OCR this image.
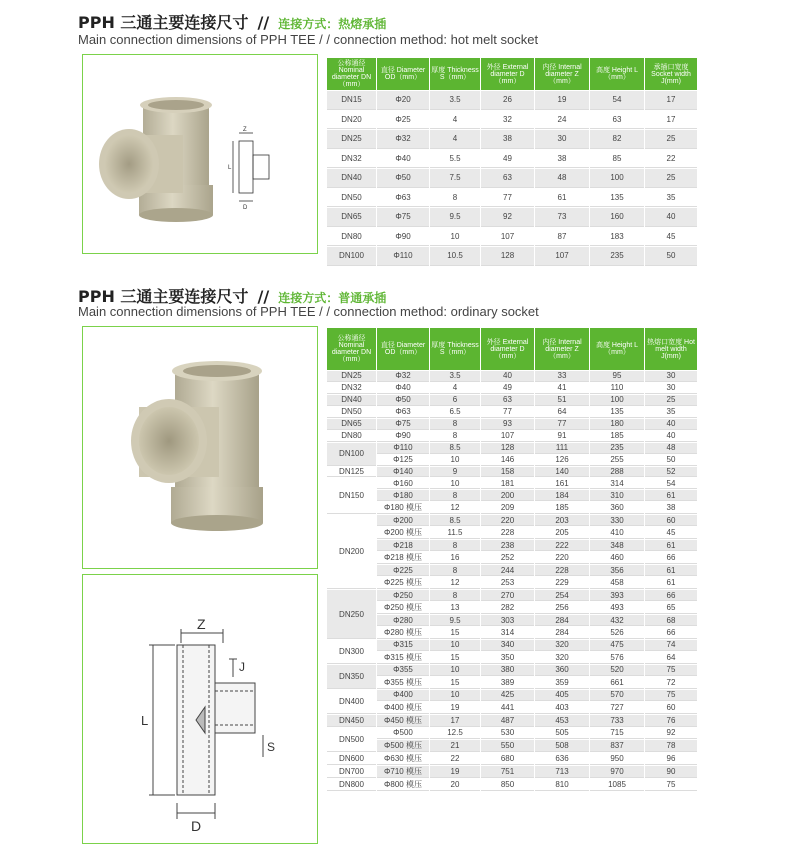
PPH 三通主要连接尺寸 // 连接方式：热熔承插
Main connection dimensions of PPH TEE / / connection method: hot melt socket
Z
L
D
公称通径 Nominal diameter DN（mm）	直径 Diameter OD（mm）	厚度 Thickness S（mm）	外径 External diameter D（mm）	内径 Internal diameter Z（mm）	高度 Height L（mm）	承插口宽度 Socket width J(mm)
DN15	Φ20	3.5	26	19	54	17
DN20	Φ25	4	32	24	63	17
DN25	Φ32	4	38	30	82	25
DN32	Φ40	5.5	49	38	85	22
DN40	Φ50	7.5	63	48	100	25
DN50	Φ63	8	77	61	135	35
DN65	Φ75	9.5	92	73	160	40
DN80	Φ90	10	107	87	183	45
DN100	Φ110	10.5	128	107	235	50
PPH 三通主要连接尺寸 // 连接方式：普通承插
Main connection dimensions of PPH TEE / / connection method: ordinary socket
Z
J
L
S
D
公称通径 Nominal diameter DN（mm）	直径 Diameter OD（mm）	厚度 Thickness S（mm）	外径 External diameter D（mm）	内径 Internal diameter Z（mm）	高度 Height L（mm）	热熔口宽度 Hot melt width J(mm)
DN25	Φ32	3.5	40	33	95	30
DN32	Φ40	4	49	41	110	30
DN40	Φ50	6	63	51	100	25
DN50	Φ63	6.5	77	64	135	35
DN65	Φ75	8	93	77	180	40
DN80	Φ90	8	107	91	185	40
DN100	Φ110	8.5	128	111	235	48
	Φ125	10	146	126	255	50
DN125	Φ140	9	158	140	288	52
DN150	Φ160	10	181	161	314	54
	Φ180	8	200	184	310	61
	Φ180 模压	12	209	185	360	38
DN200	Φ200	8.5	220	203	330	60
	Φ200 模压	11.5	228	205	410	45
	Φ218	8	238	222	348	61
	Φ218 模压	16	252	220	460	66
	Φ225	8	244	228	356	61
	Φ225 模压	12	253	229	458	61
DN250	Φ250	8	270	254	393	66
	Φ250 模压	13	282	256	493	65
	Φ280	9.5	303	284	432	68
	Φ280 模压	15	314	284	526	66
DN300	Φ315	10	340	320	475	74
	Φ315 模压	15	350	320	576	64
DN350	Φ355	10	380	360	520	75
	Φ355 模压	15	389	359	661	72
DN400	Φ400	10	425	405	570	75
	Φ400 模压	19	441	403	727	60
DN450	Φ450 模压	17	487	453	733	76
DN500	Φ500	12.5	530	505	715	92
	Φ500 模压	21	550	508	837	78
DN600	Φ630 模压	22	680	636	950	96
DN700	Φ710 模压	19	751	713	970	90
DN800	Φ800 模压	20	850	810	1085	75
